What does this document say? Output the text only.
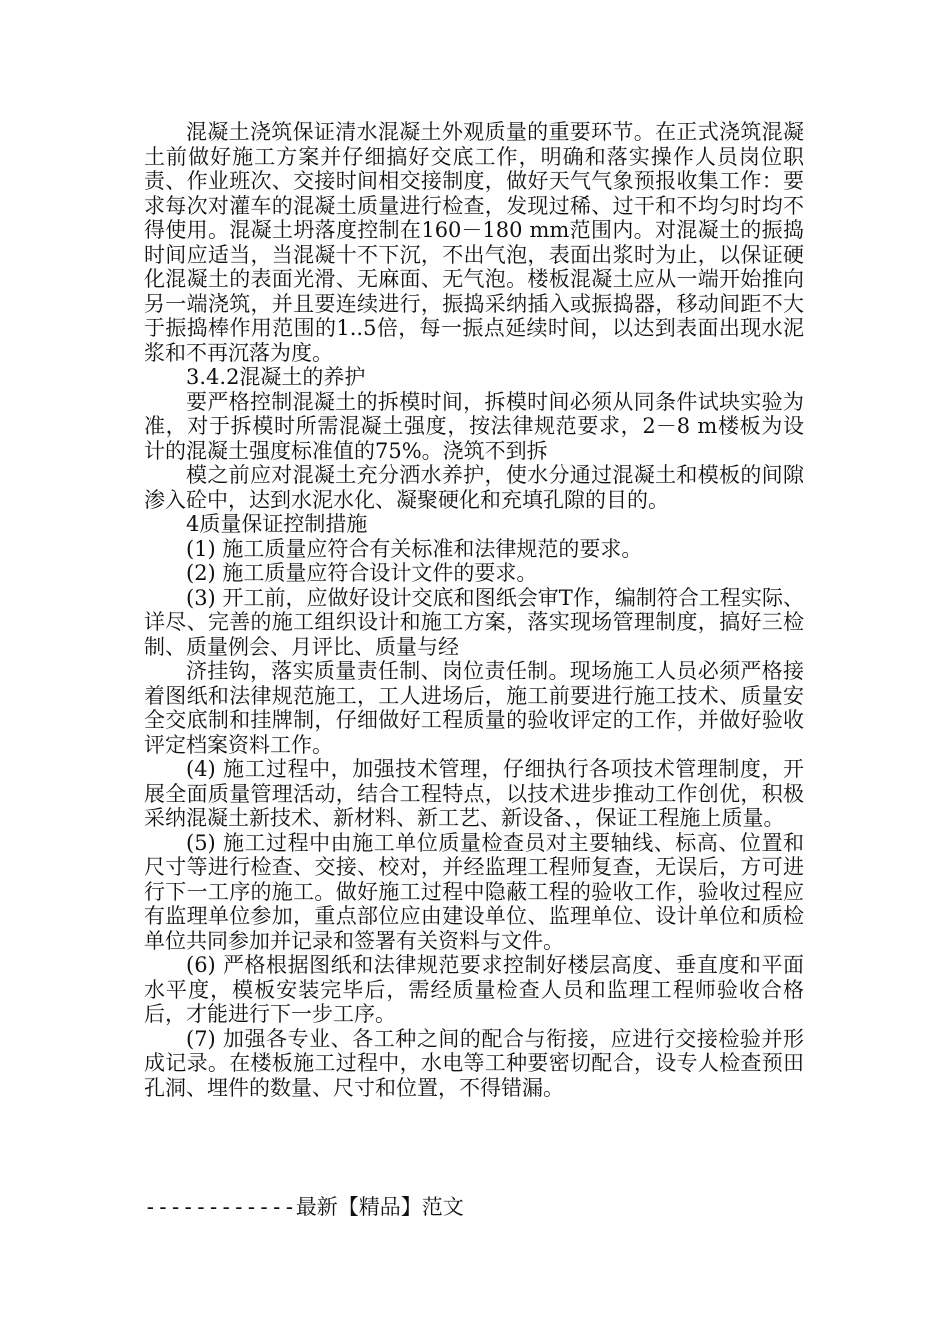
混凝土浇筑保证清水混凝土外观质量的重要环节。在正式浇筑混凝土前做好施工方案并仔细搞好交底工作，明确和落实操作人员岗位职责、作业班次、交接时间相交接制度，做好天气气象预报收集工作：要求每次对灌车的混凝土质量进行检查，发现过稀、过干和不均匀时均不得使用。混凝土坍落度控制在160－180 mm范围内。对混凝土的振捣时间应适当，当混凝十不下沉，不出气泡，表面出浆时为止，以保证硬化混凝土的表面光滑、无麻面、无气泡。楼板混凝土应从一端开始推向另一端浇筑，并且要连续进行，振捣采纳插入或振捣器，移动间距不大于振捣棒作用范围的1..5倍，每一振点延续时间，以达到表面出现水泥浆和不再沉落为度。

3.4.2混凝土的养护

要严格控制混凝土的拆模时间，拆模时间必须从同条件试块实验为准，对于拆模时所需混凝土强度，按法律规范要求，2－8 m楼板为设计的混凝土强度标准值的75%。浇筑不到拆

模之前应对混凝土充分洒水养护，使水分通过混凝土和模板的间隙渗入砼中，达到水泥水化、凝聚硬化和充填孔隙的目的。

4质量保证控制措施

(1) 施工质量应符合有关标准和法律规范的要求。

(2) 施工质量应符合设计文件的要求。

(3) 开工前，应做好设计交底和图纸会审T作，编制符合工程实际、详尽、完善的施工组织设计和施工方案，落实现场管理制度，搞好三检制、质量例会、月评比、质量与经

济挂钩，落实质量责任制、岗位责任制。现场施工人员必须严格接着图纸和法律规范施工，工人进场后，施工前要进行施工技术、质量安全交底制和挂牌制，仔细做好工程质量的验收评定的工作，并做好验收评定档案资料工作。

(4) 施工过程中，加强技术管理，仔细执行各项技术管理制度，开展全面质量管理活动，结合工程特点，以技术进步推动工作创优，积极采纳混凝土新技术、新材料、新工艺、新设备、，保证工程施上质量。

(5) 施工过程中由施工单位质量检查员对主要轴线、标高、位置和尺寸等进行检查、交接、校对，并经监理工程师复查，无误后，方可进行下一工序的施工。做好施工过程中隐蔽工程的验收工作，验收过程应有监理单位参加，重点部位应由建设单位、监理单位、设计单位和质检单位共同参加并记录和签署有关资料与文件。

(6) 严格根据图纸和法律规范要求控制好楼层高度、垂直度和平面水平度，模板安装完毕后，需经质量检查人员和监理工程师验收合格后，才能进行下一步工序。

(7) 加强各专业、各工种之间的配合与衔接，应进行交接检验并形成记录。在楼板施工过程中，水电等工种要密切配合，设专人检查预田孔洞、埋件的数量、尺寸和位置，不得错漏。

------------最新【精品】范文
